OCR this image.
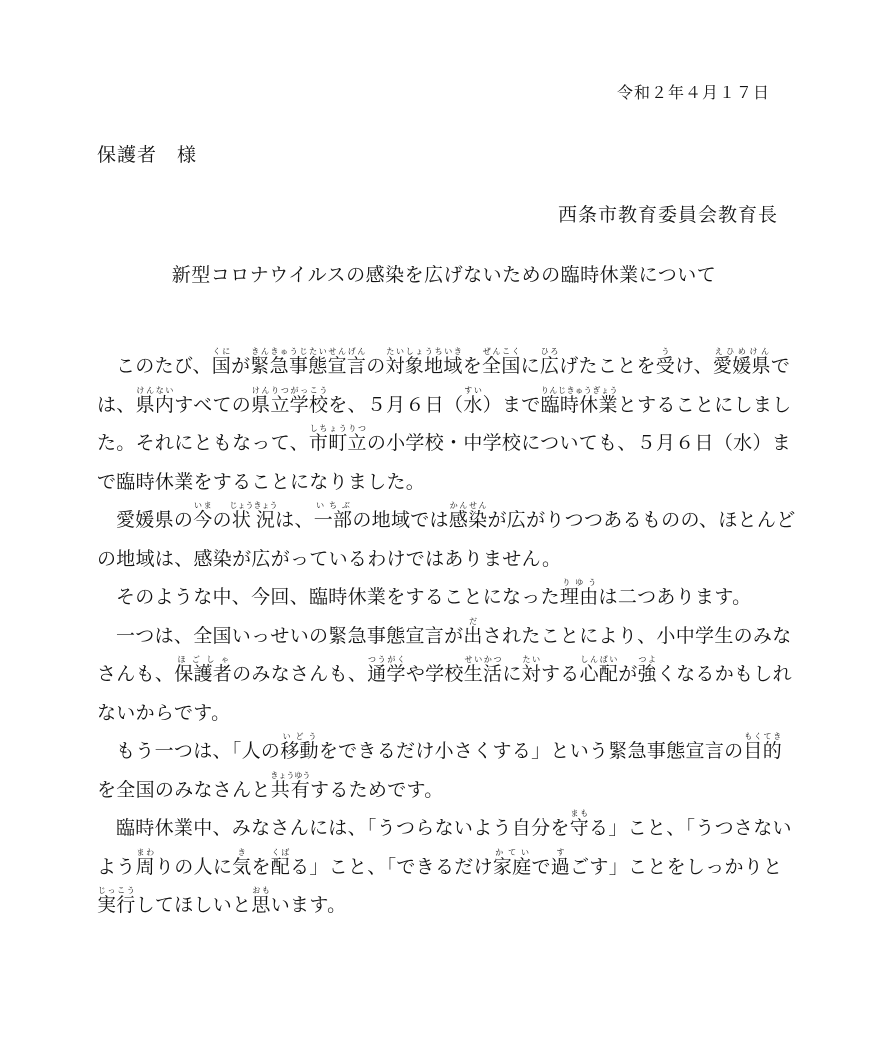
令和２年４月１７日
保護者　様
西条市教育委員会教育長
新型コロナウイルスの感染を広げないための臨時休業について

このたび、国くにが緊急事態宣言きんきゅうじたいせんげんの対象地域たいしょうちいきを全国ぜんこくに広ひろげたことを受うけ、愛媛県えひめけんでは、県内けんないすべての県立学校けんりつがっこうを、５月６日（水すい）まで臨時休業りんじきゅうぎょうとすることにしました。それにともなって、市町立しちょうりつの小学校・中学校についても、５月６日（水）まで臨時休業をすることになりました。

愛媛県の今いまの状況じょうきょうは、一部いちぶの地域では感染かんせんが広がりつつあるものの、ほとんどの地域は、感染が広がっているわけではありません。

そのような中、今回、臨時休業をすることになった理由りゆうは二つあります。

一つは、全国いっせいの緊急事態宣言が出だされたことにより、小中学生のみなさんも、保護者ほごしゃのみなさんも、通学つうがくや学校生活せいかつに対たいする心配しんぱいが強つよくなるかもしれないからです。

もう一つは、「人の移動いどうをできるだけ小さくする」という緊急事態宣言の目的もくてきを全国のみなさんと共有きょうゆうするためです。

臨時休業中、みなさんには、「うつらないよう自分を守まもる」こと、「うつさないよう周まわりの人に気きを配くばる」こと、「できるだけ家庭かていで過すごす」ことをしっかりと実行じっこうしてほしいと思おもいます。
